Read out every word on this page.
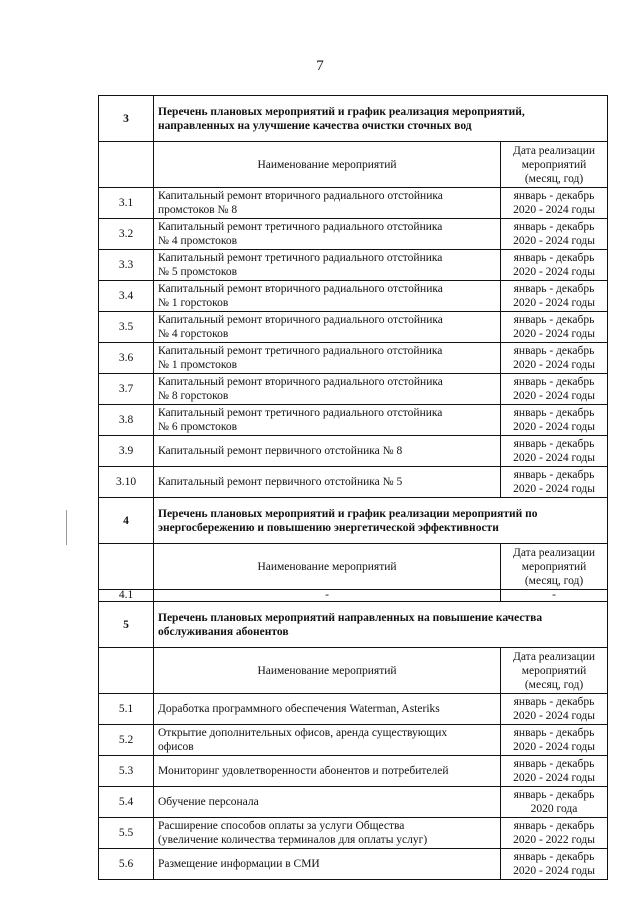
7
3	Перечень плановых мероприятий и график реализация мероприятий,
направленных на улучшение качества очистки сточных вод	

	Наименование мероприятий	Дата реализации
мероприятий
(месяц, год)

3.1	Капитальный ремонт вторичного радиального отстойника
промстоков № 8	январь - декабрь
2020 - 2024 годы

3.2	Капитальный ремонт третичного радиального отстойника
№ 4 промстоков	январь - декабрь
2020 - 2024 годы

3.3	Капитальный ремонт третичного радиального отстойника
№ 5 промстоков	январь - декабрь
2020 - 2024 годы

3.4	Капитальный ремонт вторичного радиального отстойника
№ 1 горстоков	январь - декабрь
2020 - 2024 годы

3.5	Капитальный ремонт вторичного радиального отстойника
№ 4 горстоков	январь - декабрь
2020 - 2024 годы

3.6	Капитальный ремонт третичного радиального отстойника
№ 1 промстоков	январь - декабрь
2020 - 2024 годы

3.7	Капитальный ремонт вторичного радиального отстойника
№ 8 горстоков	январь - декабрь
2020 - 2024 годы

3.8	Капитальный ремонт третичного радиального отстойника
№ 6 промстоков	январь - декабрь
2020 - 2024 годы

3.9	Капитальный ремонт первичного отстойника № 8	январь - декабрь
2020 - 2024 годы

3.10	Капитальный ремонт первичного отстойника № 5	январь - декабрь
2020 - 2024 годы

4	Перечень плановых мероприятий и график реализации мероприятий по
энергосбережению и повышению энергетической эффективности	

	Наименование мероприятий	Дата реализации
мероприятий
(месяц, год)

4.1	-	-

5	Перечень плановых мероприятий направленных на повышение качества
обслуживания абонентов	

	Наименование мероприятий	Дата реализации
мероприятий
(месяц, год)

5.1	Доработка программного обеспечения Waterman, Asteriks	январь - декабрь
2020 - 2024 годы

5.2	Открытие дополнительных офисов, аренда существующих
офисов	январь - декабрь
2020 - 2024 годы

5.3	Мониторинг удовлетворенности абонентов и потребителей	январь - декабрь
2020 - 2024 годы

5.4	Обучение персонала	январь - декабрь
2020 года

5.5	Расширение способов оплаты за услуги Общества
(увеличение количества терминалов для оплаты услуг)	январь - декабрь
2020 - 2022 годы

5.6	Размещение информации в СМИ	январь - декабрь
2020 - 2024 годы
